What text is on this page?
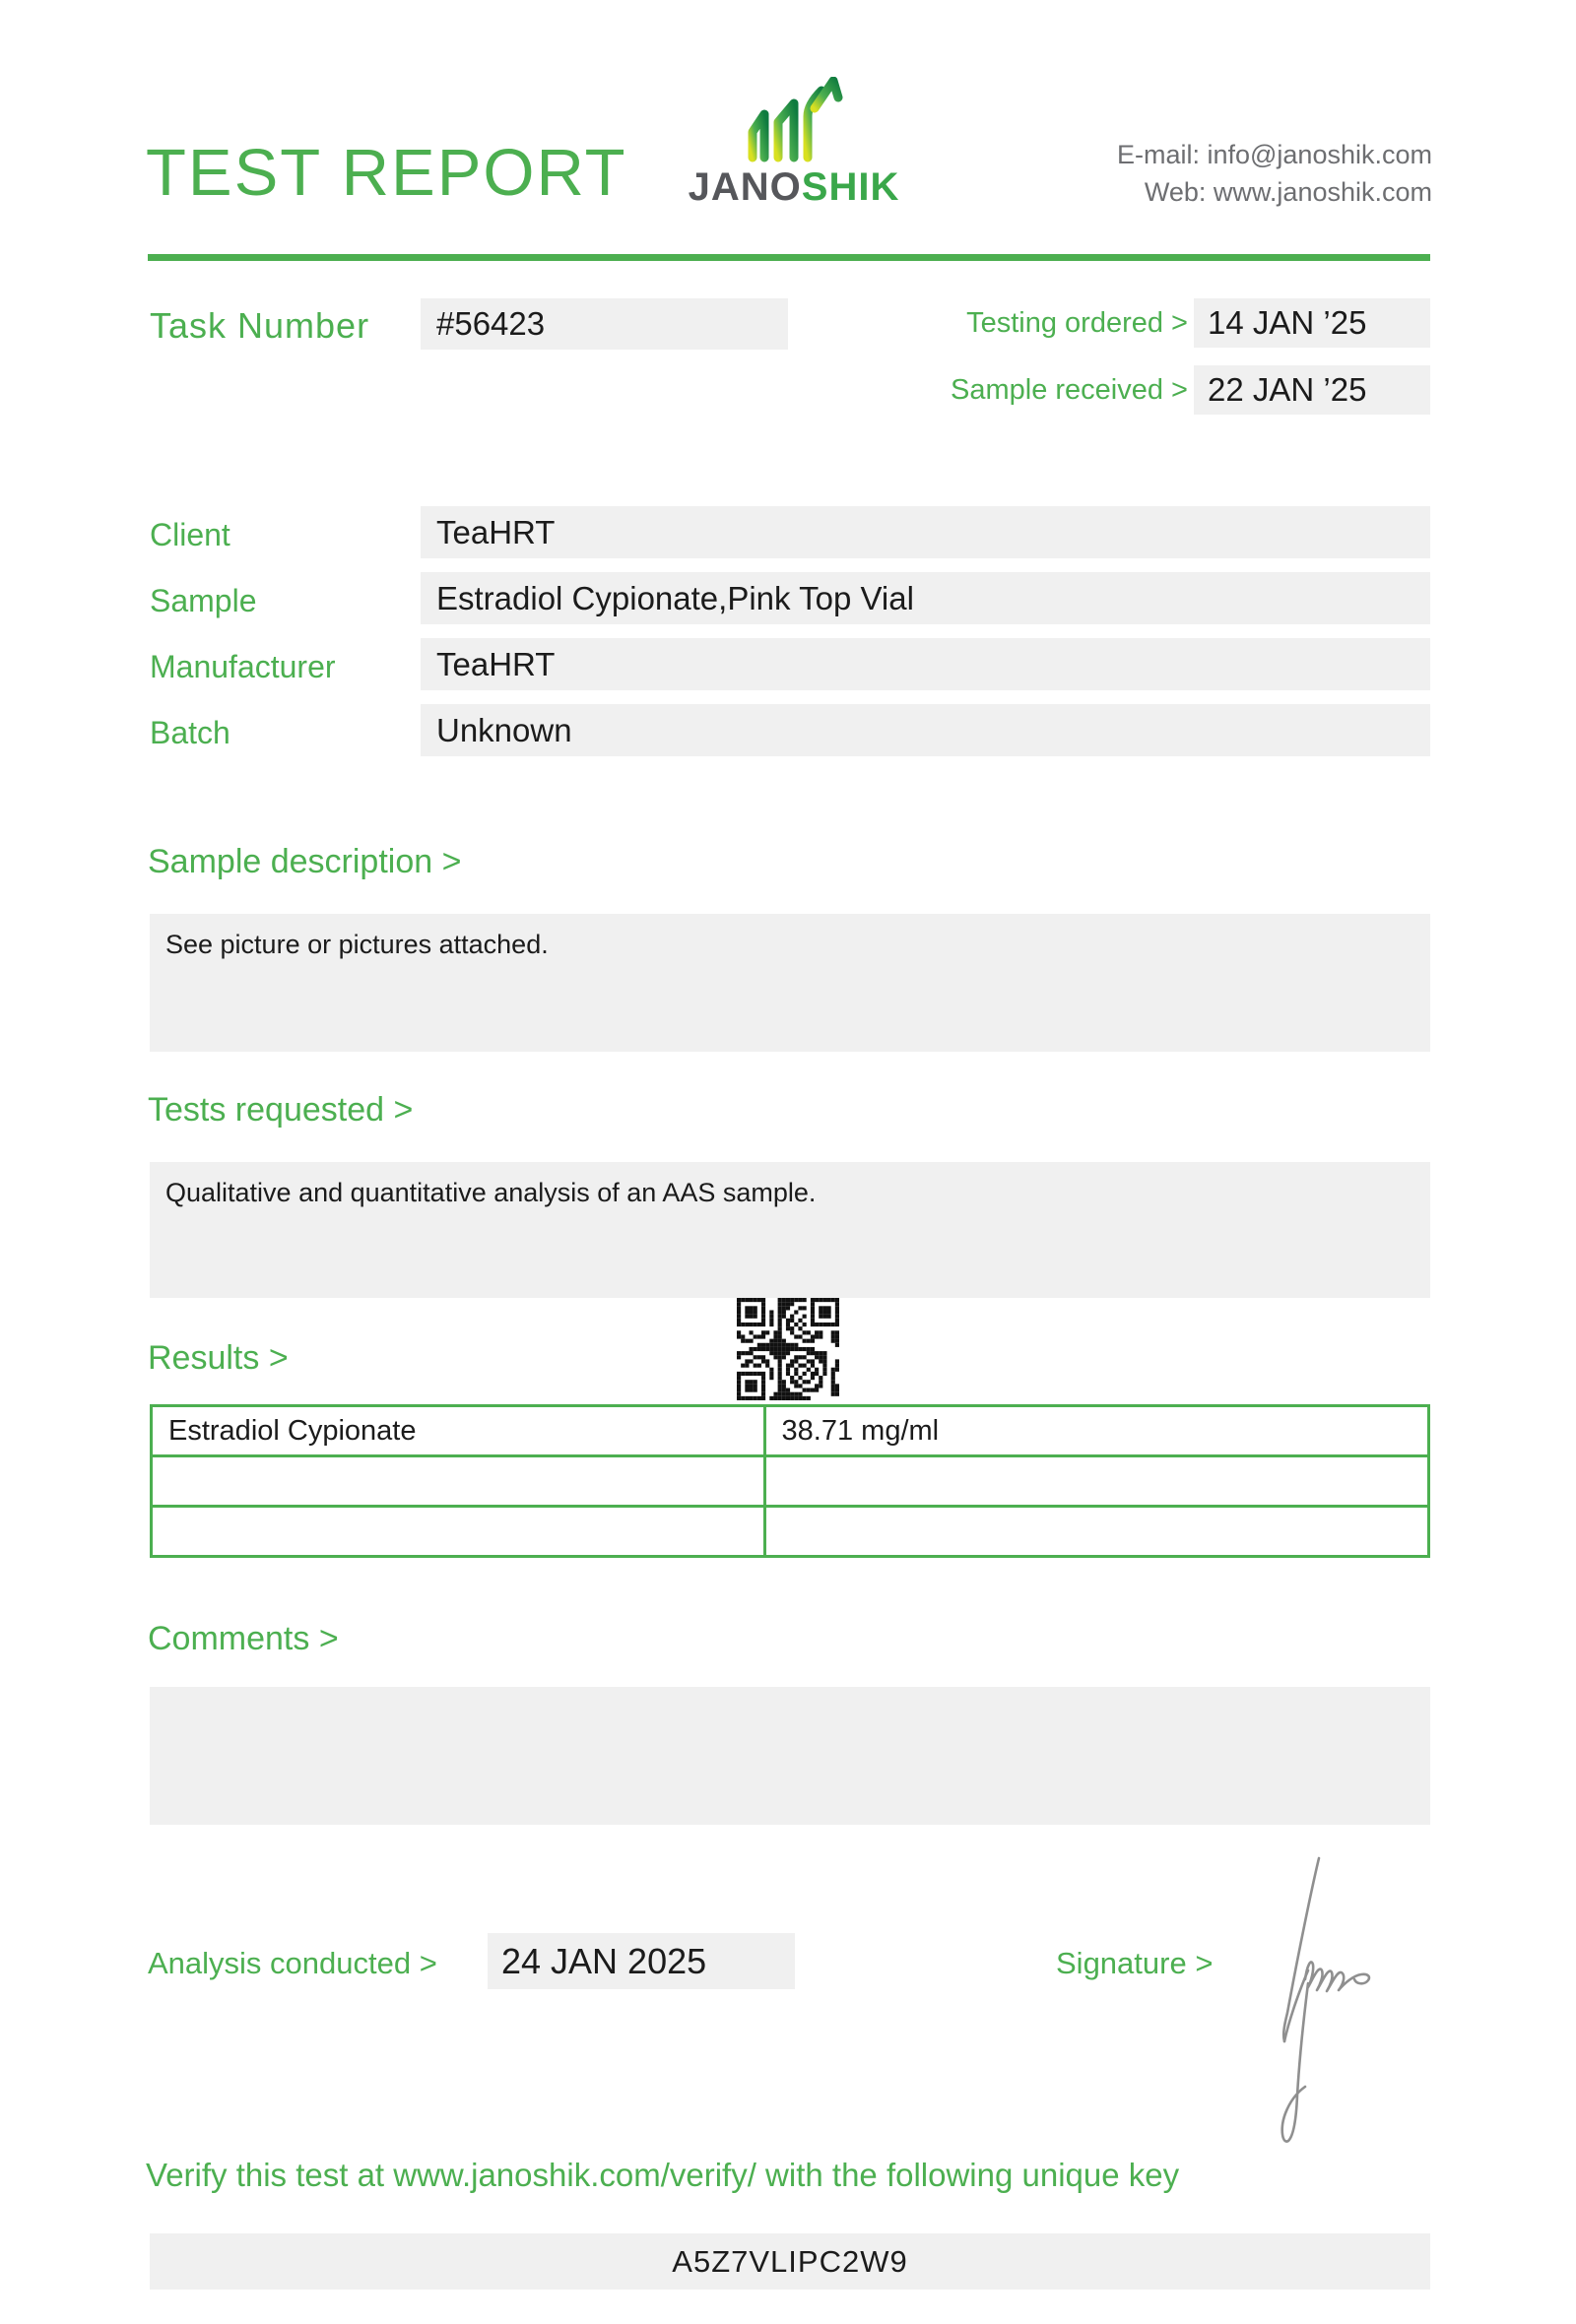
TEST REPORT	JANOSHIK
E-mail: info@janoshik.com
Web: www.janoshik.com
Task Number	#56423	Testing ordered > 14 JAN ’25
Sample received > 22 JAN ’25
Client	TeaHRT
Sample	Estradiol Cypionate,Pink Top Vial
Manufacturer	TeaHRT
Batch	Unknown
Sample description >
See picture or pictures attached.
Tests requested >
Qualitative and quantitative analysis of an AAS sample.
Results >
Estradiol Cypionate	38.71 mg/ml

Comments >
Analysis conducted >	24 JAN 2025	Signature >
Verify this test at www.janoshik.com/verify/ with the following unique key
A5Z7VLIPC2W9
